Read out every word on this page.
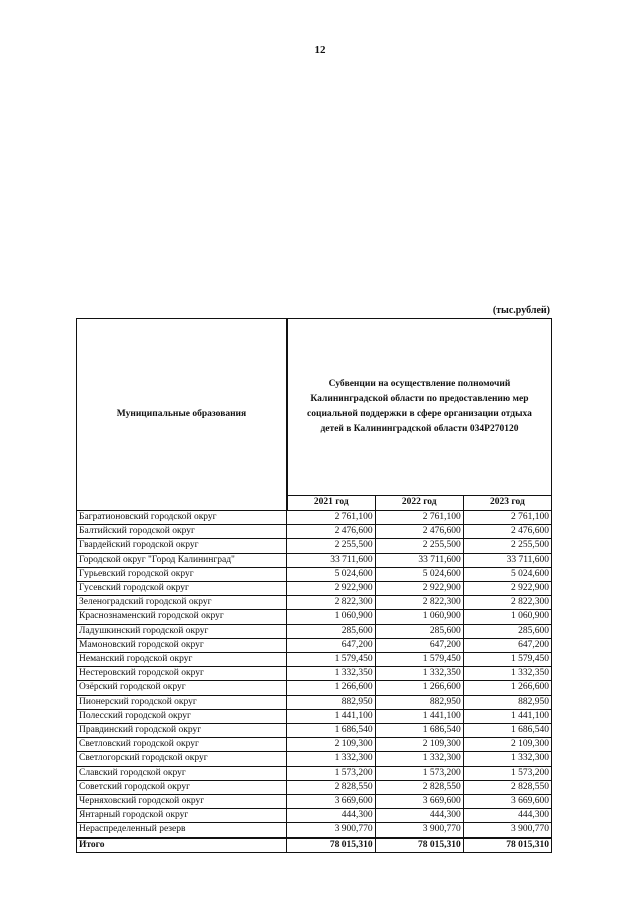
12
(тыс.рублей)
Муниципальные образования	Субвенции на осуществление полномочий Калининградской области по предоставлению мер социальной поддержки в сфере организации отдыха детей в Калининградской области 034Р270120		
	2021 год	2022 год	2023 год
Багратионовский городской округ	2 761,100	2 761,100	2 761,100
Балтийский городской округ	2 476,600	2 476,600	2 476,600
Гвардейский городской округ	2 255,500	2 255,500	2 255,500
Городской округ "Город Калининград"	33 711,600	33 711,600	33 711,600
Гурьевский городской округ	5 024,600	5 024,600	5 024,600
Гусевский городской округ	2 922,900	2 922,900	2 922,900
Зеленоградский городской округ	2 822,300	2 822,300	2 822,300
Краснознаменский городской округ	1 060,900	1 060,900	1 060,900
Ладушкинский городской округ	285,600	285,600	285,600
Мамоновский городской округ	647,200	647,200	647,200
Неманский городской округ	1 579,450	1 579,450	1 579,450
Нестеровский городской округ	1 332,350	1 332,350	1 332,350
Озёрский городской округ	1 266,600	1 266,600	1 266,600
Пионерский городской округ	882,950	882,950	882,950
Полесский городской округ	1 441,100	1 441,100	1 441,100
Правдинский городской округ	1 686,540	1 686,540	1 686,540
Светловский городской округ	2 109,300	2 109,300	2 109,300
Светлогорский городской округ	1 332,300	1 332,300	1 332,300
Славский городской округ	1 573,200	1 573,200	1 573,200
Советский городской округ	2 828,550	2 828,550	2 828,550
Черняховский городской округ	3 669,600	3 669,600	3 669,600
Янтарный городской округ	444,300	444,300	444,300
Нераспределенный резерв	3 900,770	3 900,770	3 900,770
Итого	78 015,310	78 015,310	78 015,310
